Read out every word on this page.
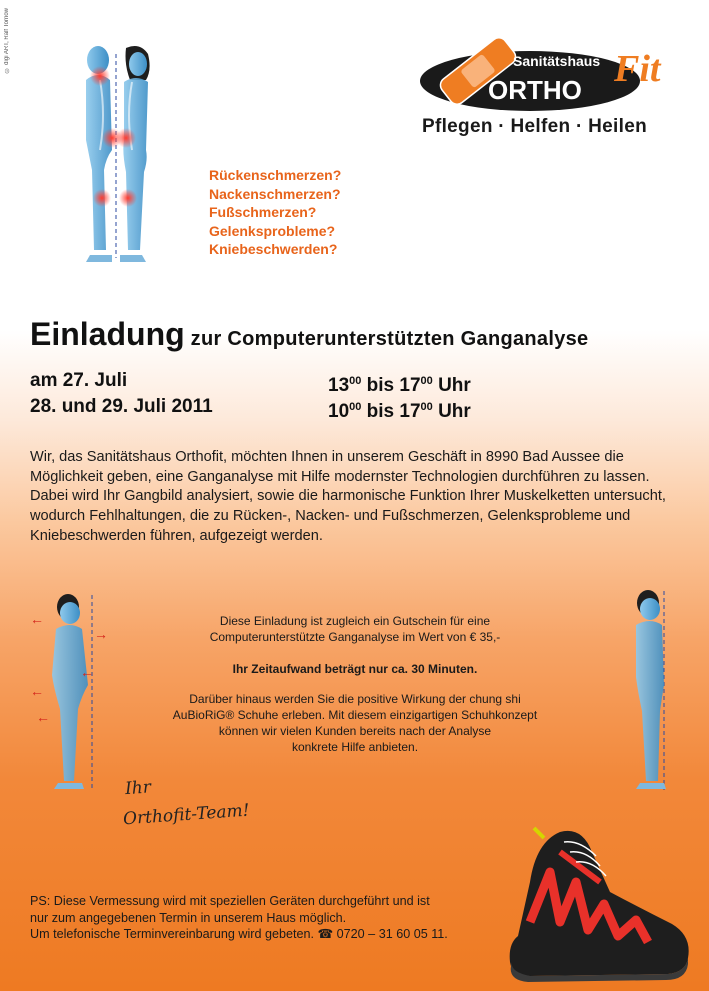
© digi ART, Ralf Tornow	Sanitätshaus
ORTHO Fit
Pflegen · Helfen · Heilen
Rückenschmerzen?
Nackenschmerzen?
Fußschmerzen?
Gelenksprobleme?
Kniebeschwerden?
Einladung zur Computerunterstützten Ganganalyse
am 27. Juli	$13^{00}$ bis $17^{00}$ Uhr
28. und 29. Juli 2011	$10^{00}$ bis $17^{00}$ Uhr
Wir, das Sanitätshaus Orthofit, möchten Ihnen in unserem Geschäft in 8990 Bad Aussee die Möglichkeit geben, eine Ganganalyse mit Hilfe modernster Technologien durchführen zu lassen. Dabei wird Ihr Gangbild analysiert, sowie die harmonische Funktion Ihrer Muskelketten untersucht, wodurch Fehlhaltungen, die zu Rücken-, Nacken- und Fußschmerzen, Gelenksprobleme und Kniebeschwerden führen, aufgezeigt werden.
←
→
←
←
←

Diese Einladung ist zugleich ein Gutschein für eine

Computerunterstützte Ganganalyse im Wert von € 35,-

Ihr Zeitaufwand beträgt nur ca. 30 Minuten.

Darüber hinaus werden Sie die positive Wirkung der chung shi

AuBioRiG® Schuhe erleben. Mit diesem einzigartigen Schuhkonzept

können wir vielen Kunden bereits nach der Analyse

konkrete Hilfe anbieten.

Ihr
Orthofit-Team!
PS: Diese Vermessung wird mit speziellen Geräten durchgeführt und ist
nur zum angegebenen Termin in unserem Haus möglich.
Um telefonische Terminvereinbarung wird gebeten. ☎ 0720 – 31 60 05 11.
